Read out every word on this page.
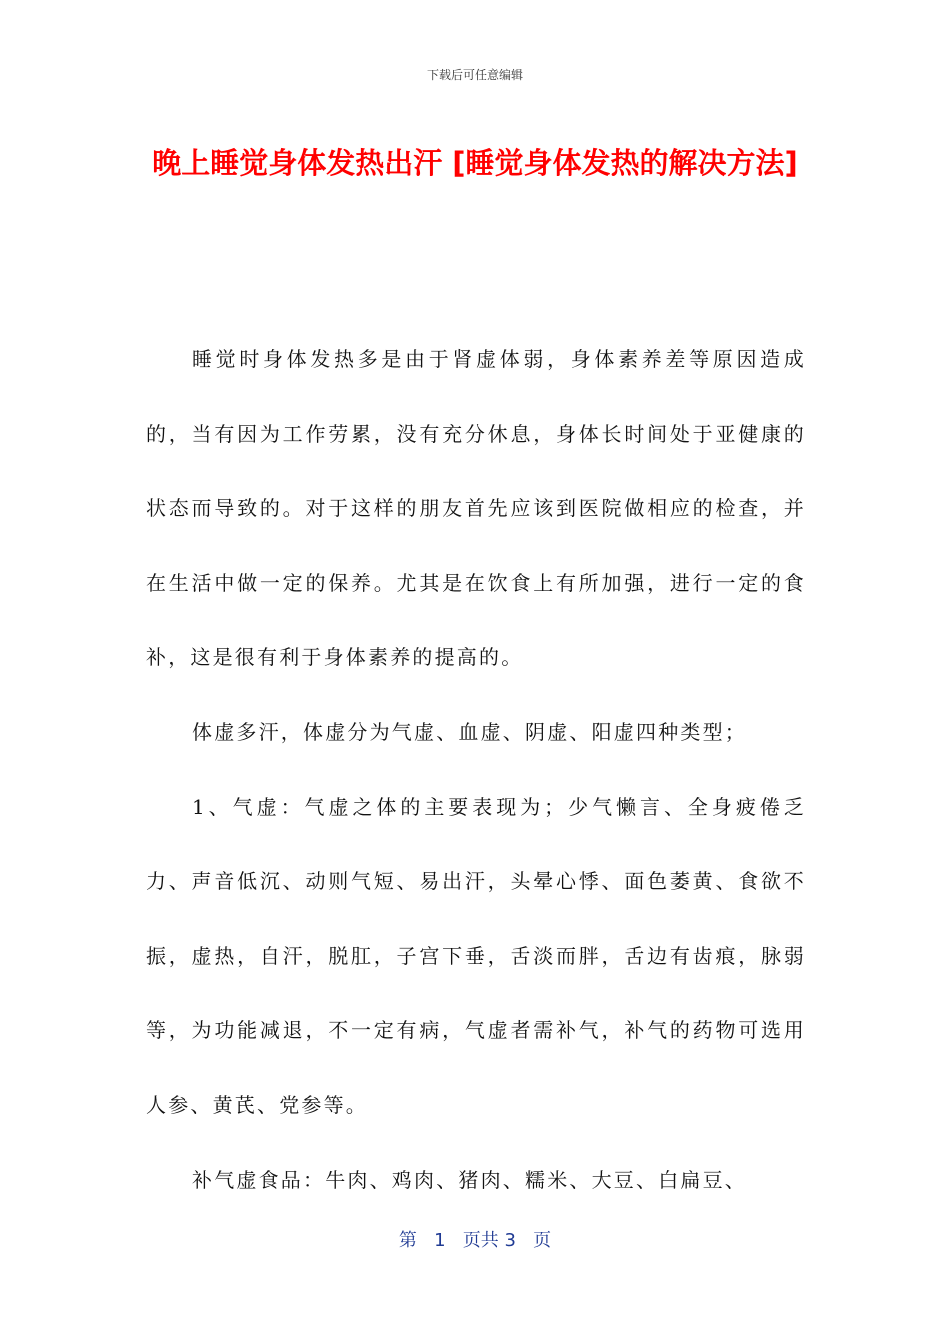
下载后可任意编辑
晚上睡觉身体发热出汗 [睡觉身体发热的解决方法]

睡觉时身体发热多是由于肾虚体弱，身体素养差等原因造成的，当有因为工作劳累，没有充分休息，身体长时间处于亚健康的状态而导致的。对于这样的朋友首先应该到医院做相应的检查，并在生活中做一定的保养。尤其是在饮食上有所加强，进行一定的食补，这是很有利于身体素养的提高的。

体虚多汗，体虚分为气虚、血虚、阴虚、阳虚四种类型；

1、气虚：气虚之体的主要表现为；少气懒言、全身疲倦乏力、声音低沉、动则气短、易出汗，头晕心悸、面色萎黄、食欲不振，虚热，自汗，脱肛，子宫下垂，舌淡而胖，舌边有齿痕，脉弱等，为功能减退，不一定有病，气虚者需补气，补气的药物可选用人参、黄芪、党参等。

补气虚食品：牛肉、鸡肉、猪肉、糯米、大豆、白扁豆、

第 1 页共 3 页
